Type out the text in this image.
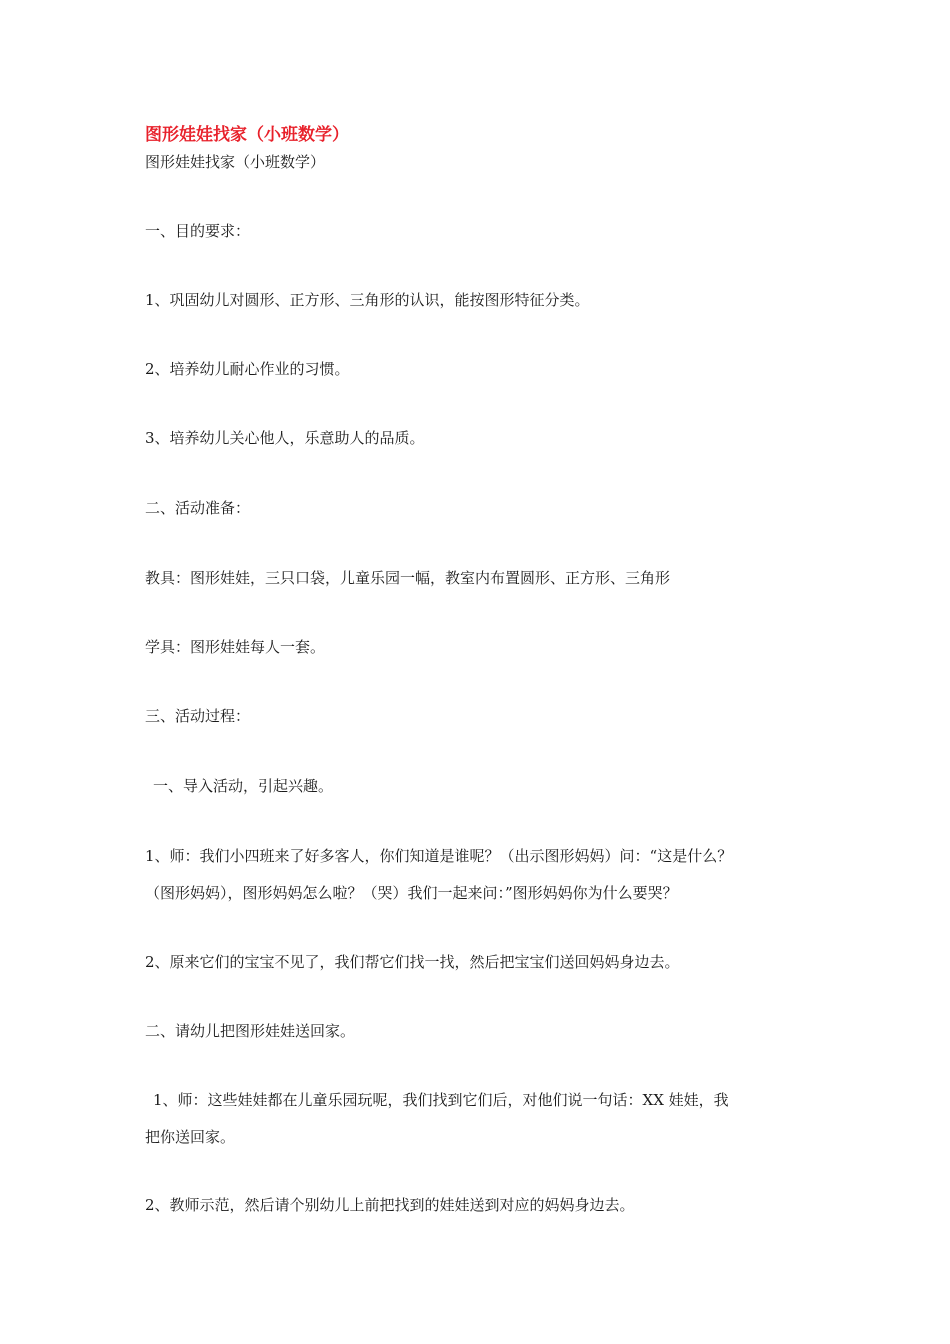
图形娃娃找家（小班数学）
图形娃娃找家（小班数学）
一、目的要求：
1、巩固幼儿对圆形、正方形、三角形的认识，能按图形特征分类。
2、培养幼儿耐心作业的习惯。
3、培养幼儿关心他人，乐意助人的品质。
二、活动准备：
教具：图形娃娃，三只口袋，儿童乐园一幅，教室内布置圆形、正方形、三角形
学具：图形娃娃每人一套。
三、活动过程：
一、导入活动，引起兴趣。
1、师：我们小四班来了好多客人，你们知道是谁呢？（出示图形妈妈）问：“这是什么？
（图形妈妈），图形妈妈怎么啦？（哭）我们一起来问：”图形妈妈你为什么要哭？
2、原来它们的宝宝不见了，我们帮它们找一找，然后把宝宝们送回妈妈身边去。
二、请幼儿把图形娃娃送回家。
1、师：这些娃娃都在儿童乐园玩呢，我们找到它们后，对他们说一句话：XX 娃娃，我
把你送回家。
2、教师示范，然后请个别幼儿上前把找到的娃娃送到对应的妈妈身边去。
